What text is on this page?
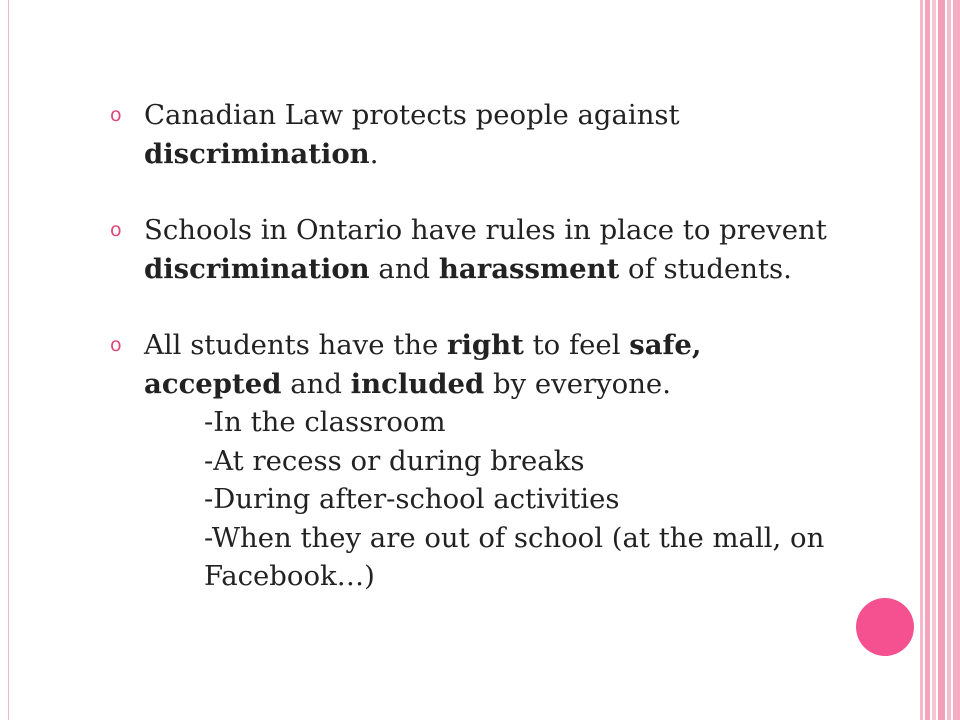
o Canadian Law protects people against discrimination.
o Schools in Ontario have rules in place to prevent discrimination and harassment of students.
o All students have the right to feel safe, accepted and included by everyone.
-In the classroom
-At recess or during breaks
-During after-school activities
-When they are out of school (at the mall, on Facebook…)
